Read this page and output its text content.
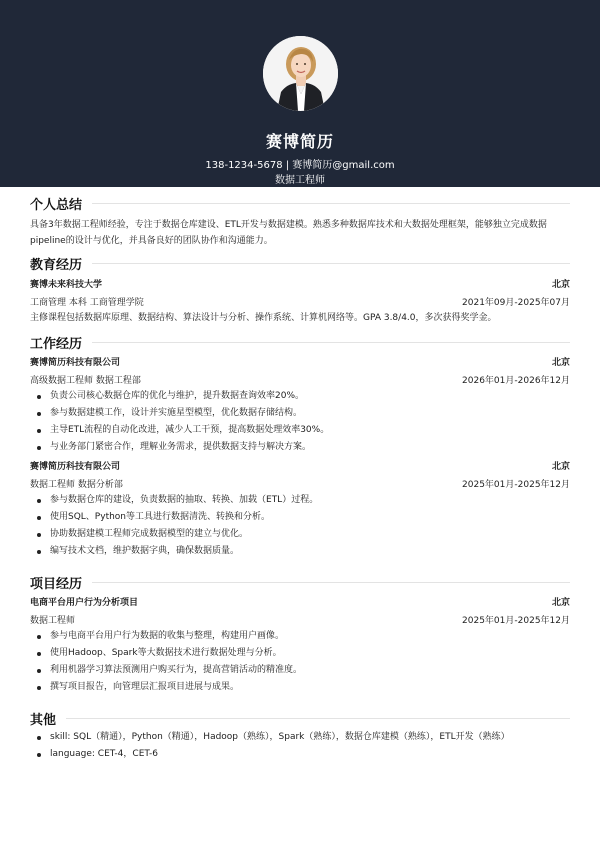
赛博简历
138-1234-5678 | 赛博简历@gmail.com
数据工程师
个人总结
具备3年数据工程师经验，专注于数据仓库建设、ETL开发与数据建模。熟悉多种数据库技术和大数据处理框架，能够独立完成数据pipeline的设计与优化，并具备良好的团队协作和沟通能力。
教育经历
赛博未来科技大学	北京
工商管理 本科 工商管理学院	2021年09月-2025年07月
主修课程包括数据库原理、数据结构、算法设计与分析、操作系统、计算机网络等。GPA 3.8/4.0，多次获得奖学金。
工作经历
赛博简历科技有限公司	北京
高级数据工程师 数据工程部	2026年01月-2026年12月
负责公司核心数据仓库的优化与维护，提升数据查询效率20%。
参与数据建模工作，设计并实施星型模型，优化数据存储结构。
主导ETL流程的自动化改进，减少人工干预，提高数据处理效率30%。
与业务部门紧密合作，理解业务需求，提供数据支持与解决方案。
赛博简历科技有限公司	北京
数据工程师 数据分析部	2025年01月-2025年12月
参与数据仓库的建设，负责数据的抽取、转换、加载（ETL）过程。
使用SQL、Python等工具进行数据清洗、转换和分析。
协助数据建模工程师完成数据模型的建立与优化。
编写技术文档，维护数据字典，确保数据质量。
项目经历
电商平台用户行为分析项目	北京
数据工程师	2025年01月-2025年12月
参与电商平台用户行为数据的收集与整理，构建用户画像。
使用Hadoop、Spark等大数据技术进行数据处理与分析。
利用机器学习算法预测用户购买行为，提高营销活动的精准度。
撰写项目报告，向管理层汇报项目进展与成果。
其他
skill: SQL（精通），Python（精通），Hadoop（熟练），Spark（熟练），数据仓库建模（熟练），ETL开发（熟练）
language: CET-4，CET-6
